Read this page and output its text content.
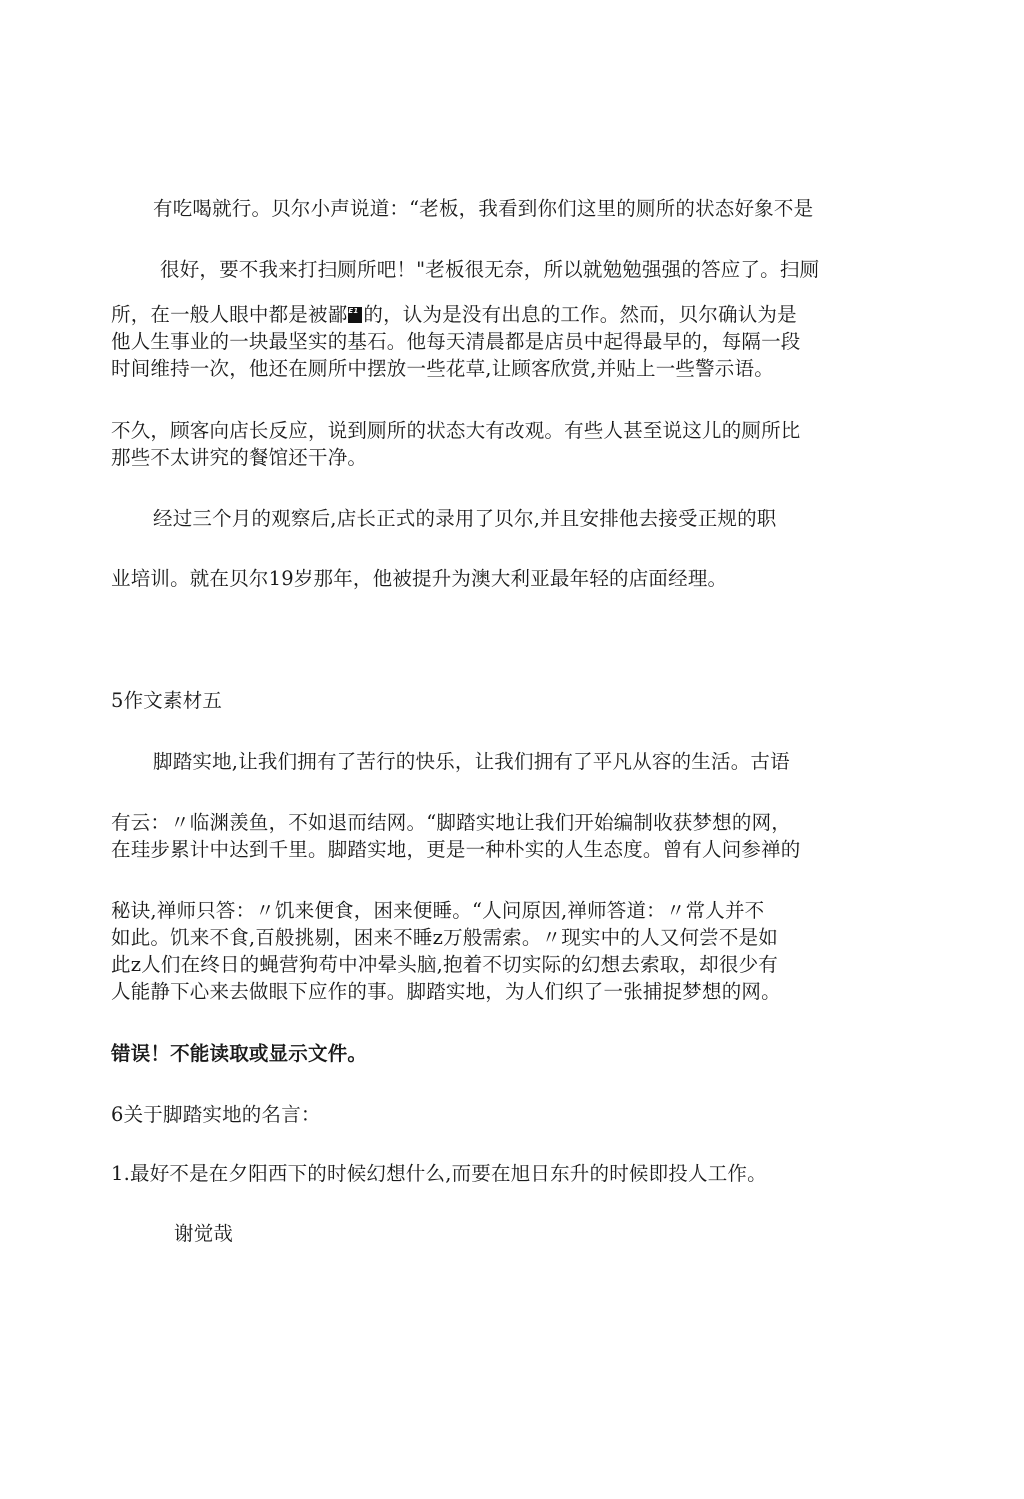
有吃喝就行。贝尔小声说道：“老板，我看到你们这里的厕所的状态好象不是
很好，要不我来打扫厕所吧！"老板很无奈，所以就勉勉强强的答应了。扫厕
所，在一般人眼中都是被鄙E1 的，认为是没有出息的工作。然而，贝尔确认为是
他人生事业的一块最坚实的基石。他每天清晨都是店员中起得最早的，每隔一段
时间维持一次，他还在厕所中摆放一些花草,让顾客欣赏,并贴上一些警示语。
不久，顾客向店长反应，说到厕所的状态大有改观。有些人甚至说这儿的厕所比
那些不太讲究的餐馆还干净。
经过三个月的观察后,店长正式的录用了贝尔,并且安排他去接受正规的职
业培训。就在贝尔19岁那年，他被提升为澳大利亚最年轻的店面经理。
5作文素材五
脚踏实地,让我们拥有了苦行的快乐，让我们拥有了平凡从容的生活。古语
有云：〃临渊羡鱼，不如退而结网。“脚踏实地让我们开始编制收获梦想的网，
在珪步累计中达到千里。脚踏实地，更是一种朴实的人生态度。曾有人问参禅的
秘诀,禅师只答：〃饥来便食，困来便睡。“人问原因,禅师答道：〃常人并不
如此。饥来不食,百般挑剔，困来不睡z万般需索。〃现实中的人又何尝不是如
此z人们在终日的蝇营狗苟中冲晕头脑,抱着不切实际的幻想去索取，却很少有
人能静下心来去做眼下应作的事。脚踏实地，为人们织了一张捕捉梦想的网。
错误！不能读取或显示文件。
6关于脚踏实地的名言：
1.最好不是在夕阳西下的时候幻想什么,而要在旭日东升的时候即投人工作。
谢觉哉
